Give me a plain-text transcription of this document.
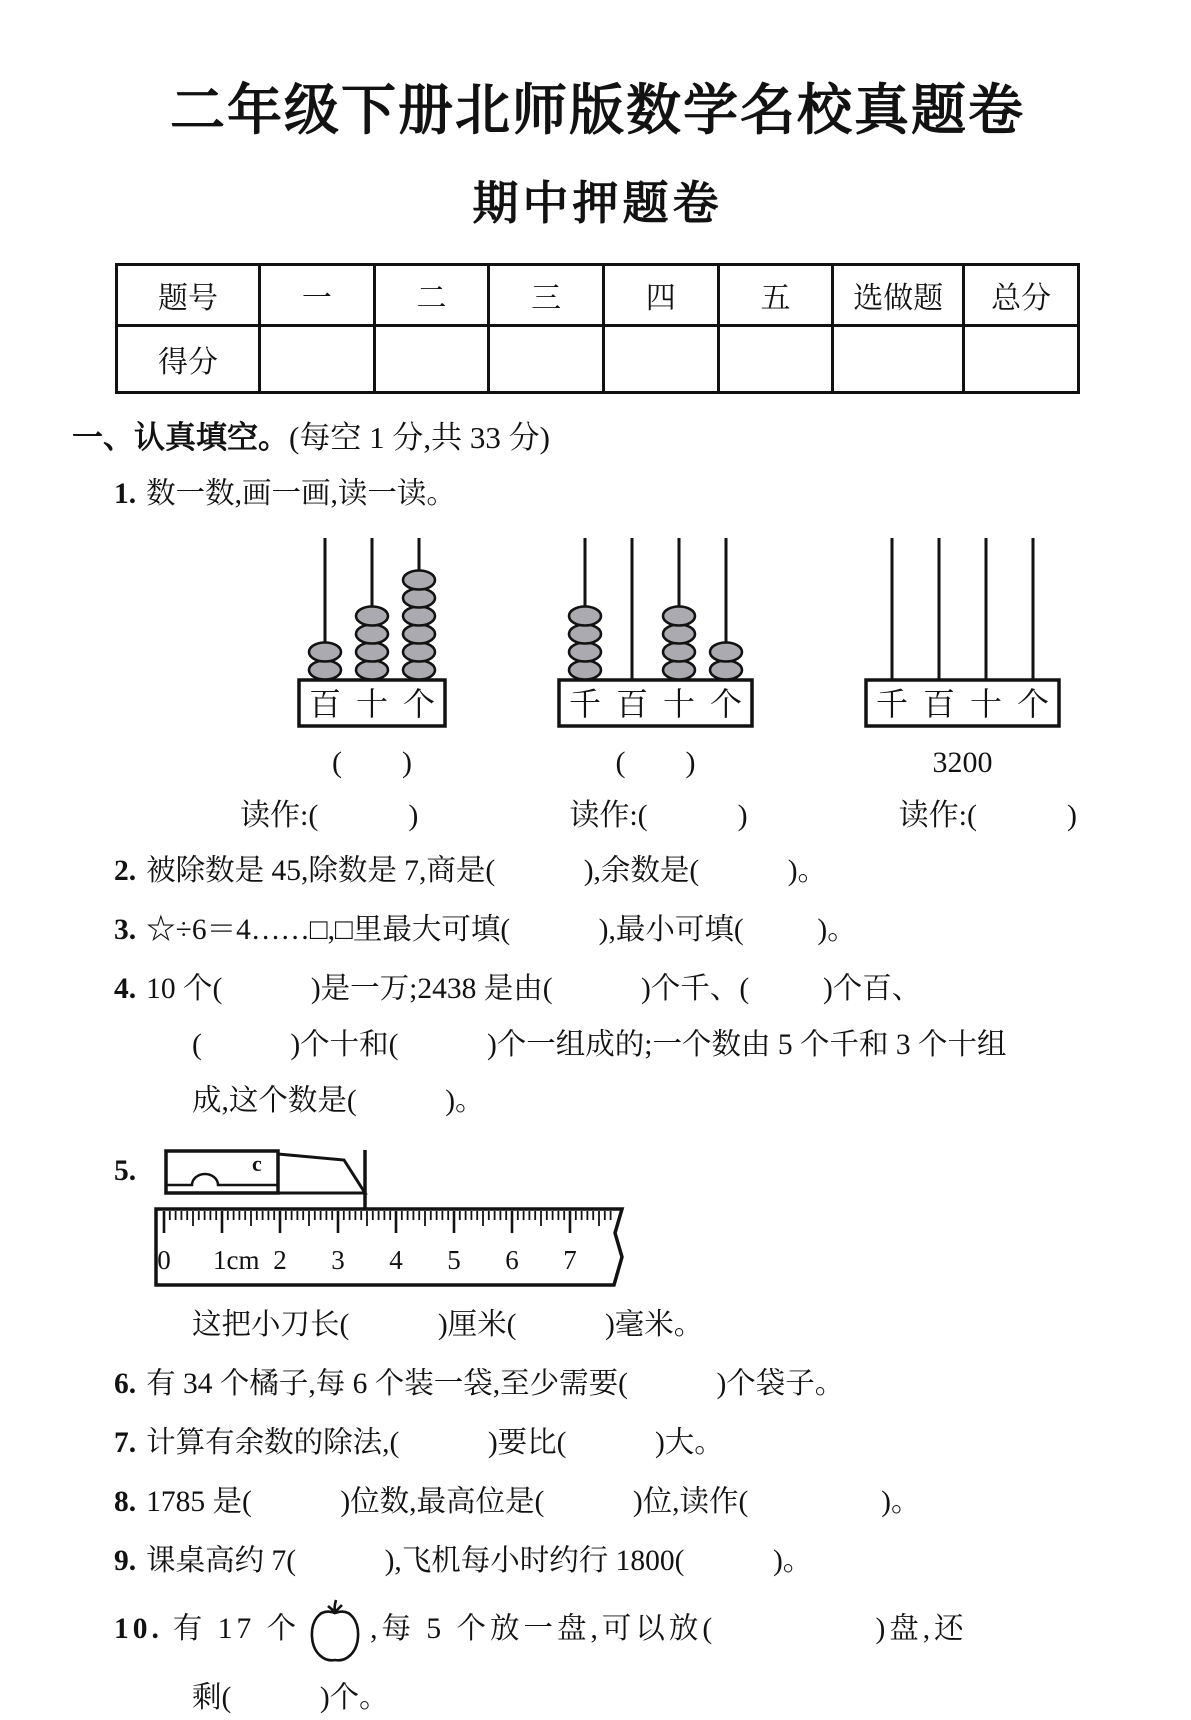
二年级下册北师版数学名校真题卷
期中押题卷
题号	一	二	三	四	五	选做题	总分
得分							
一、认真填空。(每空 1 分,共 33 分)
1. 数一数,画一画,读一读。
百 十 个
(        )
千 百 十 个
(        )
千 百 十 个
3200
读作:(            )	读作:(            )	读作:(            )
2. 被除数是 45,除数是 7,商是(            ),余数是(            )。
3. ☆÷6＝4……□,□里最大可填(            ),最小可填(          )。
4. 10 个(            )是一万;2438 是由(            )个千、(          )个百、
(            )个十和(            )个一组成的;一个数由 5 个千和 3 个十组
成,这个数是(            )。
5.	c
0 1cm 2 3 4 5 6 7
这把小刀长(            )厘米(            )毫米。
6. 有 34 个橘子,每 6 个装一袋,至少需要(            )个袋子。
7. 计算有余数的除法,(            )要比(            )大。
8. 1785 是(            )位数,最高位是(            )位,读作(                  )。
9. 课桌高约 7(            ),飞机每小时约行 1800(            )。
10. 有 17 个 ,每 5 个放一盘,可以放(              )盘,还
剩(            )个。
